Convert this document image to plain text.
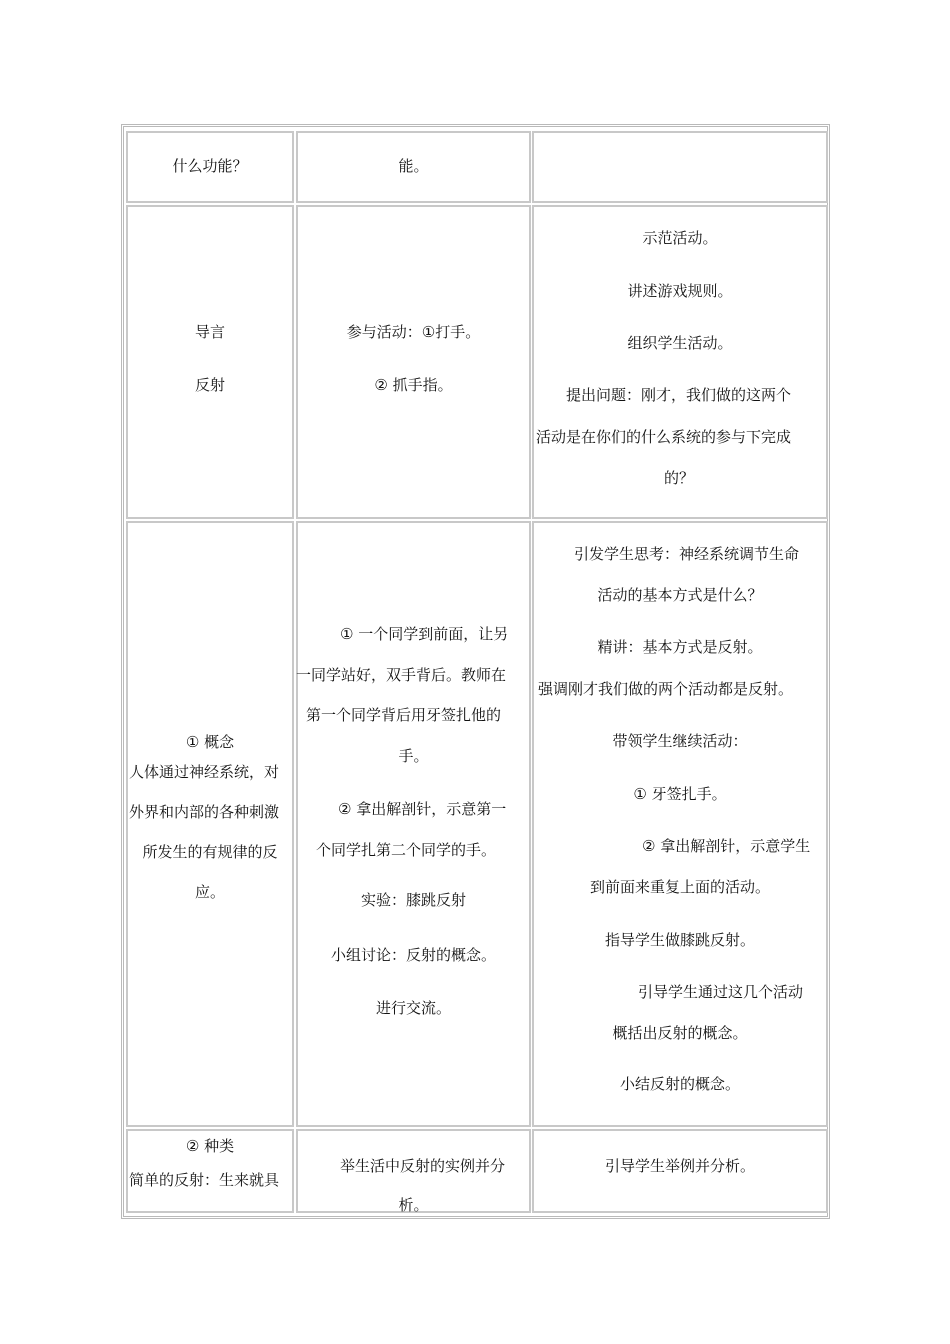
什么功能？	能。
导言
反射
参与活动：①打手。
② 抓手指。
示范活动。
讲述游戏规则。
组织学生活动。
提出问题：刚才，我们做的这两个
活动是在你们的什么系统的参与下完成
的？
① 概念
人体通过神经系统，对
外界和内部的各种刺激
所发生的有规律的反
应。
① 一个同学到前面，让另
一同学站好，双手背后。教师在
第一个同学背后用牙签扎他的
手。
② 拿出解剖针，示意第一
个同学扎第二个同学的手。
实验：膝跳反射
小组讨论：反射的概念。
进行交流。
引发学生思考：神经系统调节生命
活动的基本方式是什么？
精讲：基本方式是反射。
强调刚才我们做的两个活动都是反射。
带领学生继续活动：
① 牙签扎手。
② 拿出解剖针，示意学生
到前面来重复上面的活动。
指导学生做膝跳反射。
引导学生通过这几个活动
概括出反射的概念。
小结反射的概念。
② 种类
简单的反射：生来就具
举生活中反射的实例并分
析。
引导学生举例并分析。
